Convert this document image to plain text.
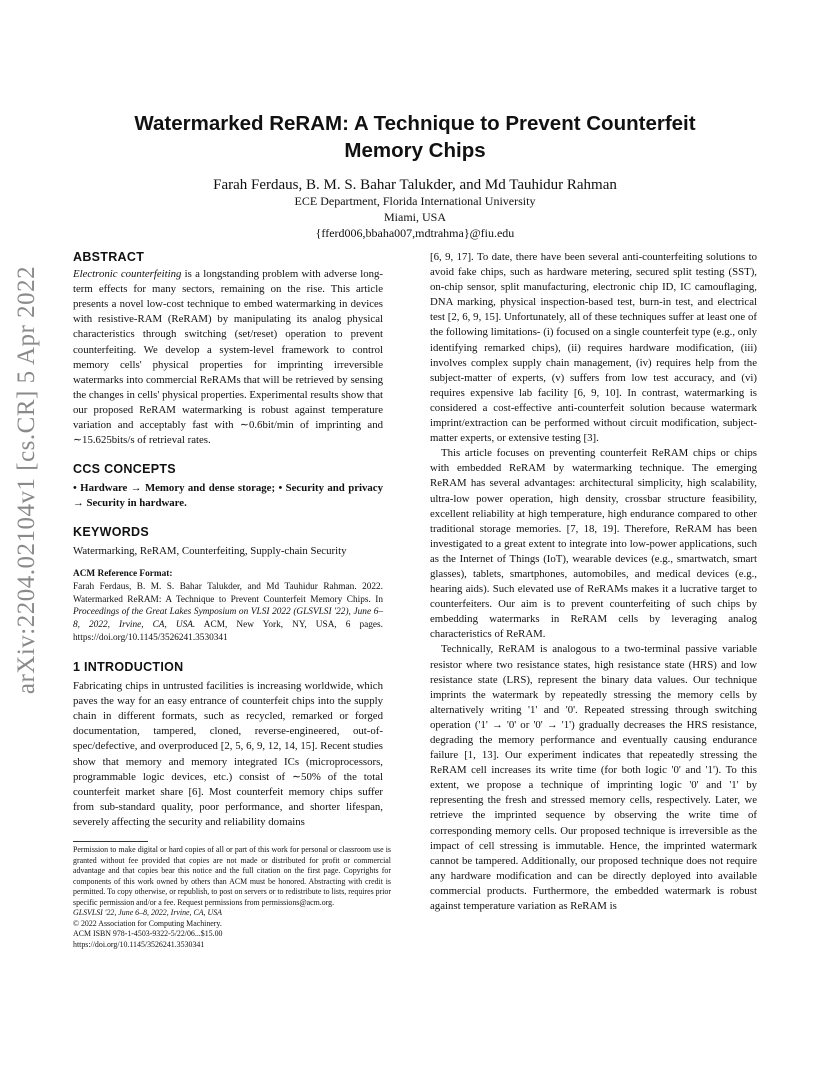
arXiv:2204.02104v1 [cs.CR] 5 Apr 2022
Watermarked ReRAM: A Technique to Prevent Counterfeit
Memory Chips
Farah Ferdaus, B. M. S. Bahar Talukder, and Md Tauhidur Rahman
ECE Department, Florida International University
Miami, USA
{fferd006,bbaha007,mdtrahma}@fiu.edu
ABSTRACT

Electronic counterfeiting is a longstanding problem with adverse long-term effects for many sectors, remaining on the rise. This article presents a novel low-cost technique to embed watermarking in devices with resistive-RAM (ReRAM) by manipulating its analog physical characteristics through switching (set/reset) operation to prevent counterfeiting. We develop a system-level framework to control memory cells' physical properties for imprinting irreversible watermarks into commercial ReRAMs that will be retrieved by sensing the changes in cells' physical properties. Experimental results show that our proposed ReRAM watermarking is robust against temperature variation and acceptably fast with ∼0.6bit/min of imprinting and ∼15.625bits/s of retrieval rates.

CCS CONCEPTS

• Hardware → Memory and dense storage; • Security and privacy → Security in hardware.

KEYWORDS

Watermarking, ReRAM, Counterfeiting, Supply-chain Security

ACM Reference Format:

Farah Ferdaus, B. M. S. Bahar Talukder, and Md Tauhidur Rahman. 2022. Watermarked ReRAM: A Technique to Prevent Counterfeit Memory Chips. In Proceedings of the Great Lakes Symposium on VLSI 2022 (GLSVLSI '22), June 6–8, 2022, Irvine, CA, USA. ACM, New York, NY, USA, 6 pages. https://doi.org/10.1145/3526241.3530341

1 INTRODUCTION

Fabricating chips in untrusted facilities is increasing worldwide, which paves the way for an easy entrance of counterfeit chips into the supply chain in different formats, such as recycled, remarked or forged documentation, tampered, cloned, reverse-engineered, out-of-spec/defective, and overproduced [2, 5, 6, 9, 12, 14, 15]. Recent studies show that memory and memory integrated ICs (microprocessors, programmable logic devices, etc.) consist of ∼50% of the total counterfeit market share [6]. Most counterfeit memory chips suffer from sub-standard quality, poor performance, and shorter lifespan, severely affecting the security and reliability domains

Permission to make digital or hard copies of all or part of this work for personal or classroom use is granted without fee provided that copies are not made or distributed for profit or commercial advantage and that copies bear this notice and the full citation on the first page. Copyrights for components of this work owned by others than ACM must be honored. Abstracting with credit is permitted. To copy otherwise, or republish, to post on servers or to redistribute to lists, requires prior specific permission and/or a fee. Request permissions from permissions@acm.org.

GLSVLSI '22, June 6–8, 2022, Irvine, CA, USA

© 2022 Association for Computing Machinery.

ACM ISBN 978-1-4503-9322-5/22/06...$15.00

https://doi.org/10.1145/3526241.3530341

[6, 9, 17]. To date, there have been several anti-counterfeiting solutions to avoid fake chips, such as hardware metering, secured split testing (SST), on-chip sensor, split manufacturing, electronic chip ID, IC camouflaging, DNA marking, physical inspection-based test, burn-in test, and electrical test [2, 6, 9, 15]. Unfortunately, all of these techniques suffer at least one of the following limitations- (i) focused on a single counterfeit type (e.g., only identifying remarked chips), (ii) requires hardware modification, (iii) involves complex supply chain management, (iv) requires help from the subject-matter of experts, (v) suffers from low test accuracy, and (vi) requires expensive lab facility [6, 9, 10]. In contrast, watermarking is considered a cost-effective anti-counterfeit solution because watermark imprint/extraction can be performed without circuit modification, subject-matter experts, or extensive testing [3].

This article focuses on preventing counterfeit ReRAM chips or chips with embedded ReRAM by watermarking technique. The emerging ReRAM has several advantages: architectural simplicity, high scalability, ultra-low power operation, high density, crossbar structure feasibility, excellent reliability at high temperature, high endurance compared to other traditional storage memories. [7, 18, 19]. Therefore, ReRAM has been investigated to a great extent to integrate into low-power applications, such as the Internet of Things (IoT), wearable devices (e.g., smartwatch, smart glasses), tablets, smartphones, automobiles, and medical devices (e.g., hearing aids). Such elevated use of ReRAMs makes it a lucrative target to counterfeiters. Our aim is to prevent counterfeiting of such chips by embedding watermarks in ReRAM cells by leveraging analog characteristics of ReRAM.

Technically, ReRAM is analogous to a two-terminal passive variable resistor where two resistance states, high resistance state (HRS) and low resistance state (LRS), represent the binary data values. Our technique imprints the watermark by repeatedly stressing the memory cells by alternatively writing '1' and '0'. Repeated stressing through switching operation ('1' → '0' or '0' → '1') gradually decreases the HRS resistance, degrading the memory performance and eventually causing endurance failure [1, 13]. Our experiment indicates that repeatedly stressing the ReRAM cell increases its write time (for both logic '0' and '1'). To this extent, we propose a technique of imprinting logic '0' and '1' by representing the fresh and stressed memory cells, respectively. Later, we retrieve the imprinted sequence by observing the write time of corresponding memory cells. Our proposed technique is irreversible as the impact of cell stressing is immutable. Hence, the imprinted watermark cannot be tampered. Additionally, our proposed technique does not require any hardware modification and can be directly deployed into available commercial products. Furthermore, the embedded watermark is robust against temperature variation as ReRAM is
